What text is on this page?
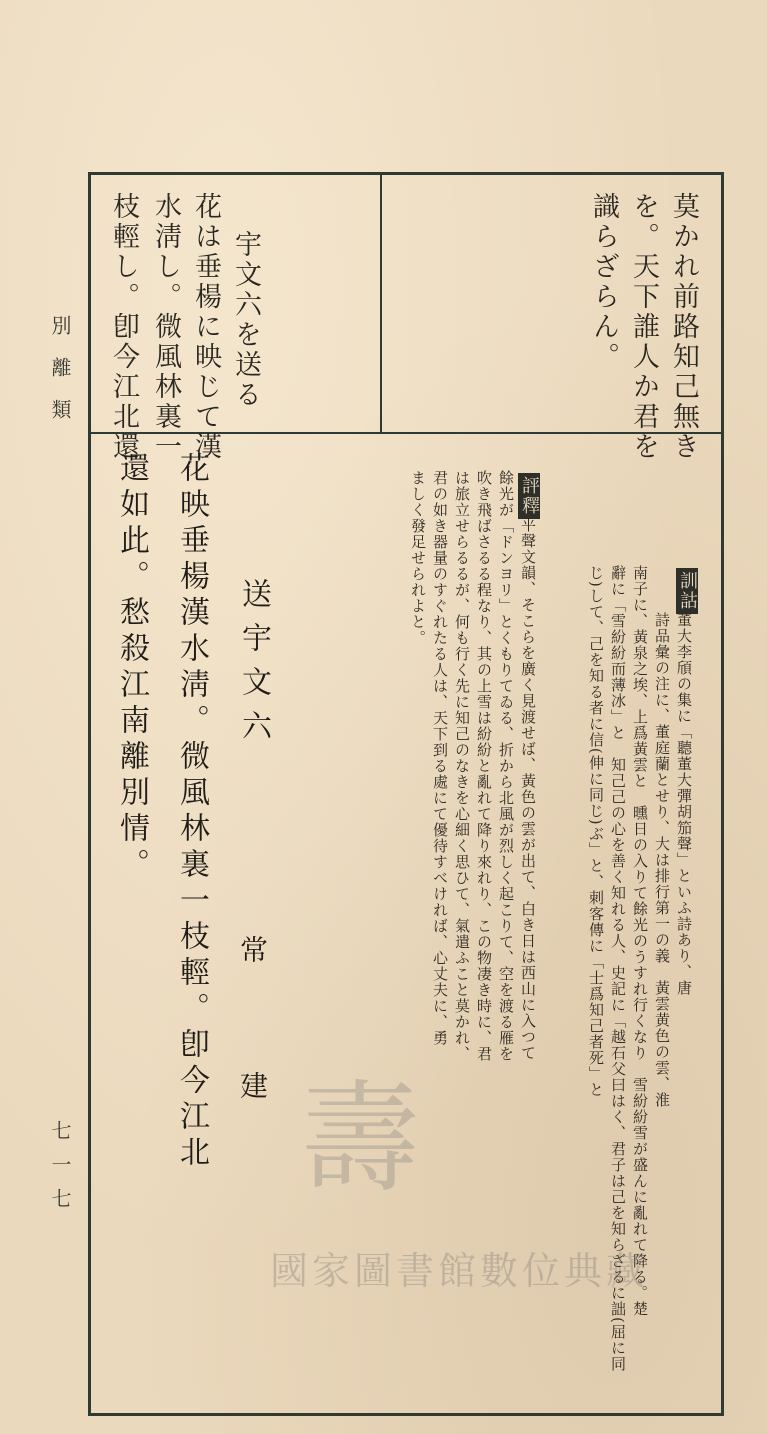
別離類
七一七
莫かれ前路知己無き
を。天下誰人か君を
識らざらん。
宇文六を送る
花は垂楊に映じて漢
水淸し。微風林裏一
枝輕し。卽今江北還
訓詁
董大李頎の集に「聽董大彈胡笳聲」といふ詩あり、唐
詩品彙の注に、董庭蘭とせり、大は排行第一の義　黃雲黄色の雲、淮
南子に、黃泉之埃、上爲黃雲と　曛日の入りて餘光のうすれ行くなり　雪紛紛雪が盛んに亂れて降る。楚
辭に「雪紛紛而薄冰」と　知己己の心を善く知れる人、史記に「越石父曰はく、君子は己を知らざるに詘(屈に同
じ)して、己を知る者に信(伸に同じ)ぶ」と、刺客傳に「士爲知己者死」と
評釋
平聲文韻、そこらを廣く見渡せば、黃色の雲が出て、白き日は西山に入つて
餘光が「ドンヨリ」とくもりてゐる、折から北風が烈しく起こりて、空を渡る雁を
吹き飛ばさるる程なり、其の上雪は紛紛と亂れて降り來れり、この物凄き時に、君
は旅立せらるるが、何も行く先に知己のなきを心細く思ひて、氣遣ふこと莫かれ、
君の如き器量のすぐれたる人は、天下到る處にて優待すべければ、心丈夫に、勇
ましく發足せられよと。
送宇文六
常　建
花映垂楊漢水淸。微風林裏一枝輕。卽今江北
還如此。愁殺江南離別情。
壽
國家圖書館數位典藏
